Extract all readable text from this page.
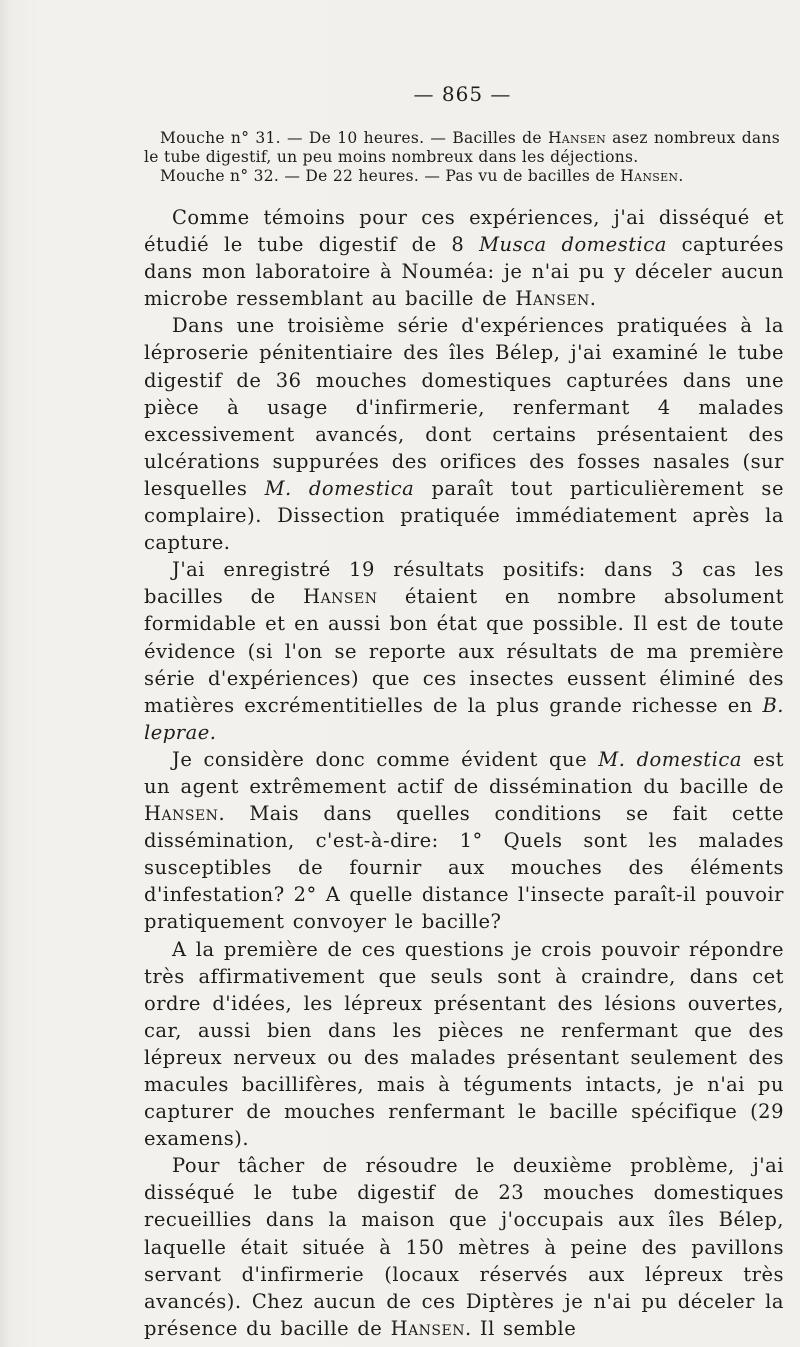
— 865 —

Mouche n° 31. — De 10 heures. — Bacilles de Hansen asez nombreux dans le tube digestif, un peu moins nombreux dans les déjections.

Mouche n° 32. — De 22 heures. — Pas vu de bacilles de Hansen.

Comme témoins pour ces expériences, j'ai disséqué et étudié le tube digestif de 8 Musca domestica capturées dans mon laboratoire à Nouméa: je n'ai pu y déceler aucun microbe ressemblant au bacille de Hansen.

Dans une troisième série d'expériences pratiquées à la léproserie pénitentiaire des îles Bélep, j'ai examiné le tube digestif de 36 mouches domestiques capturées dans une pièce à usage d'infirmerie, renfermant 4 malades excessivement avancés, dont certains présentaient des ulcérations suppurées des orifices des fosses nasales (sur lesquelles M. domestica paraît tout particulièrement se complaire). Dissection pratiquée immédiatement après la capture.

J'ai enregistré 19 résultats positifs: dans 3 cas les bacilles de Hansen étaient en nombre absolument formidable et en aussi bon état que possible. Il est de toute évidence (si l'on se reporte aux résultats de ma première série d'expériences) que ces insectes eussent éliminé des matières excrémentitielles de la plus grande richesse en B. leprae.

Je considère donc comme évident que M. domestica est un agent extrêmement actif de dissémination du bacille de Hansen. Mais dans quelles conditions se fait cette dissémination, c'est-à-dire: 1° Quels sont les malades susceptibles de fournir aux mouches des éléments d'infestation? 2° A quelle distance l'insecte paraît-il pouvoir pratiquement convoyer le bacille?

A la première de ces questions je crois pouvoir répondre très affirmativement que seuls sont à craindre, dans cet ordre d'idées, les lépreux présentant des lésions ouvertes, car, aussi bien dans les pièces ne renfermant que des lépreux nerveux ou des malades présentant seulement des macules bacillifères, mais à téguments intacts, je n'ai pu capturer de mouches renfermant le bacille spécifique (29 examens).

Pour tâcher de résoudre le deuxième problème, j'ai disséqué le tube digestif de 23 mouches domestiques recueillies dans la maison que j'occupais aux îles Bélep, laquelle était située à 150 mètres à peine des pavillons servant d'infirmerie (locaux réservés aux lépreux très avancés). Chez aucun de ces Diptères je n'ai pu déceler la présence du bacille de Hansen. Il semble
